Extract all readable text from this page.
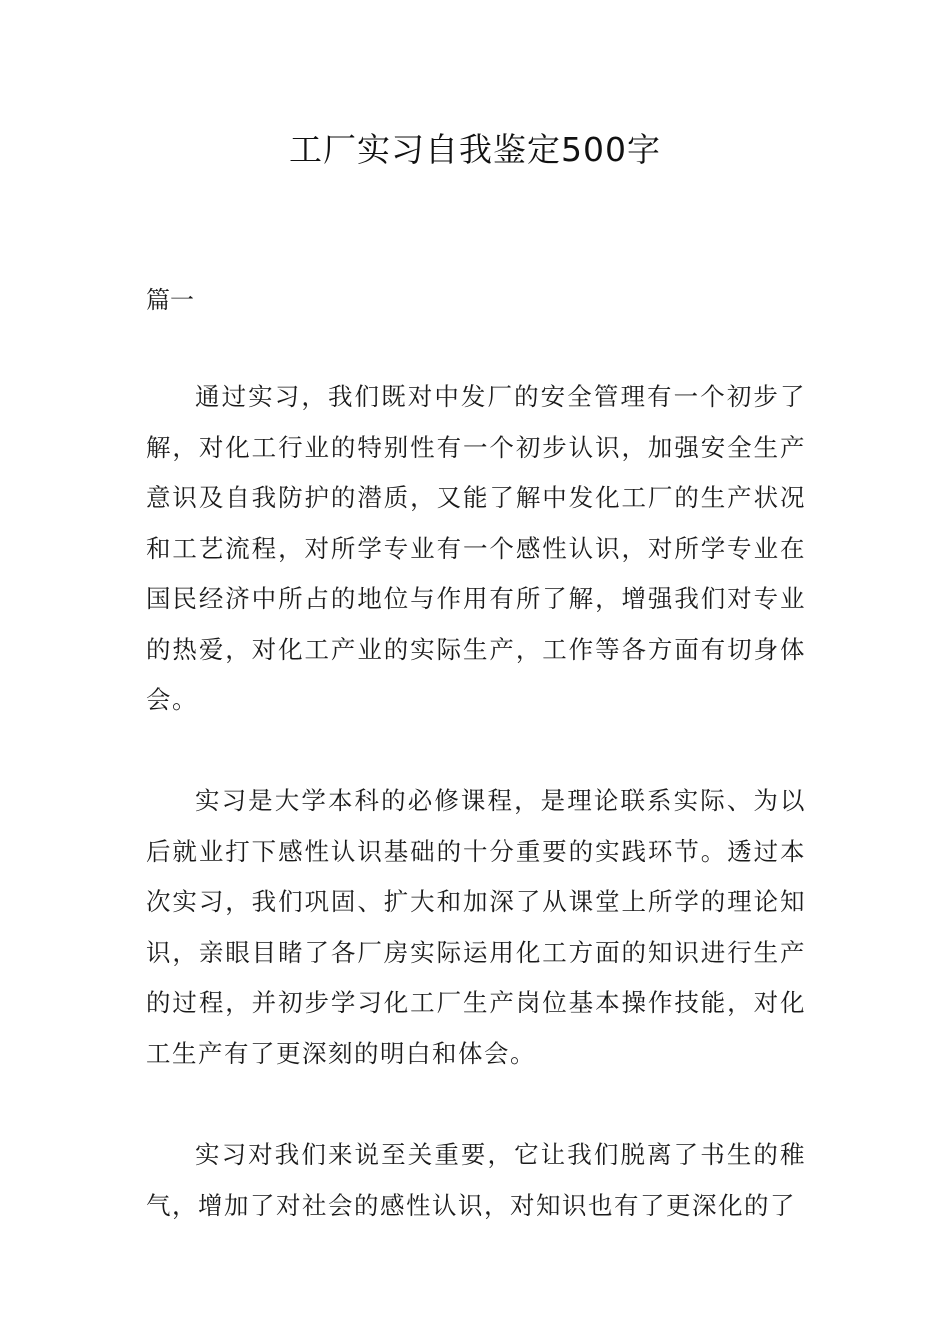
工厂实习自我鉴定500字
篇一

通过实习，我们既对中发厂的安全管理有一个初步了解，对化工行业的特别性有一个初步认识，加强安全生产意识及自我防护的潜质，又能了解中发化工厂的生产状况和工艺流程，对所学专业有一个感性认识，对所学专业在国民经济中所占的地位与作用有所了解，增强我们对专业的热爱，对化工产业的实际生产，工作等各方面有切身体会。

实习是大学本科的必修课程，是理论联系实际、为以后就业打下感性认识基础的十分重要的实践环节。透过本次实习，我们巩固、扩大和加深了从课堂上所学的理论知识，亲眼目睹了各厂房实际运用化工方面的知识进行生产的过程，并初步学习化工厂生产岗位基本操作技能，对化工生产有了更深刻的明白和体会。

实习对我们来说至关重要，它让我们脱离了书生的稚气，增加了对社会的感性认识，对知识也有了更深化的了
